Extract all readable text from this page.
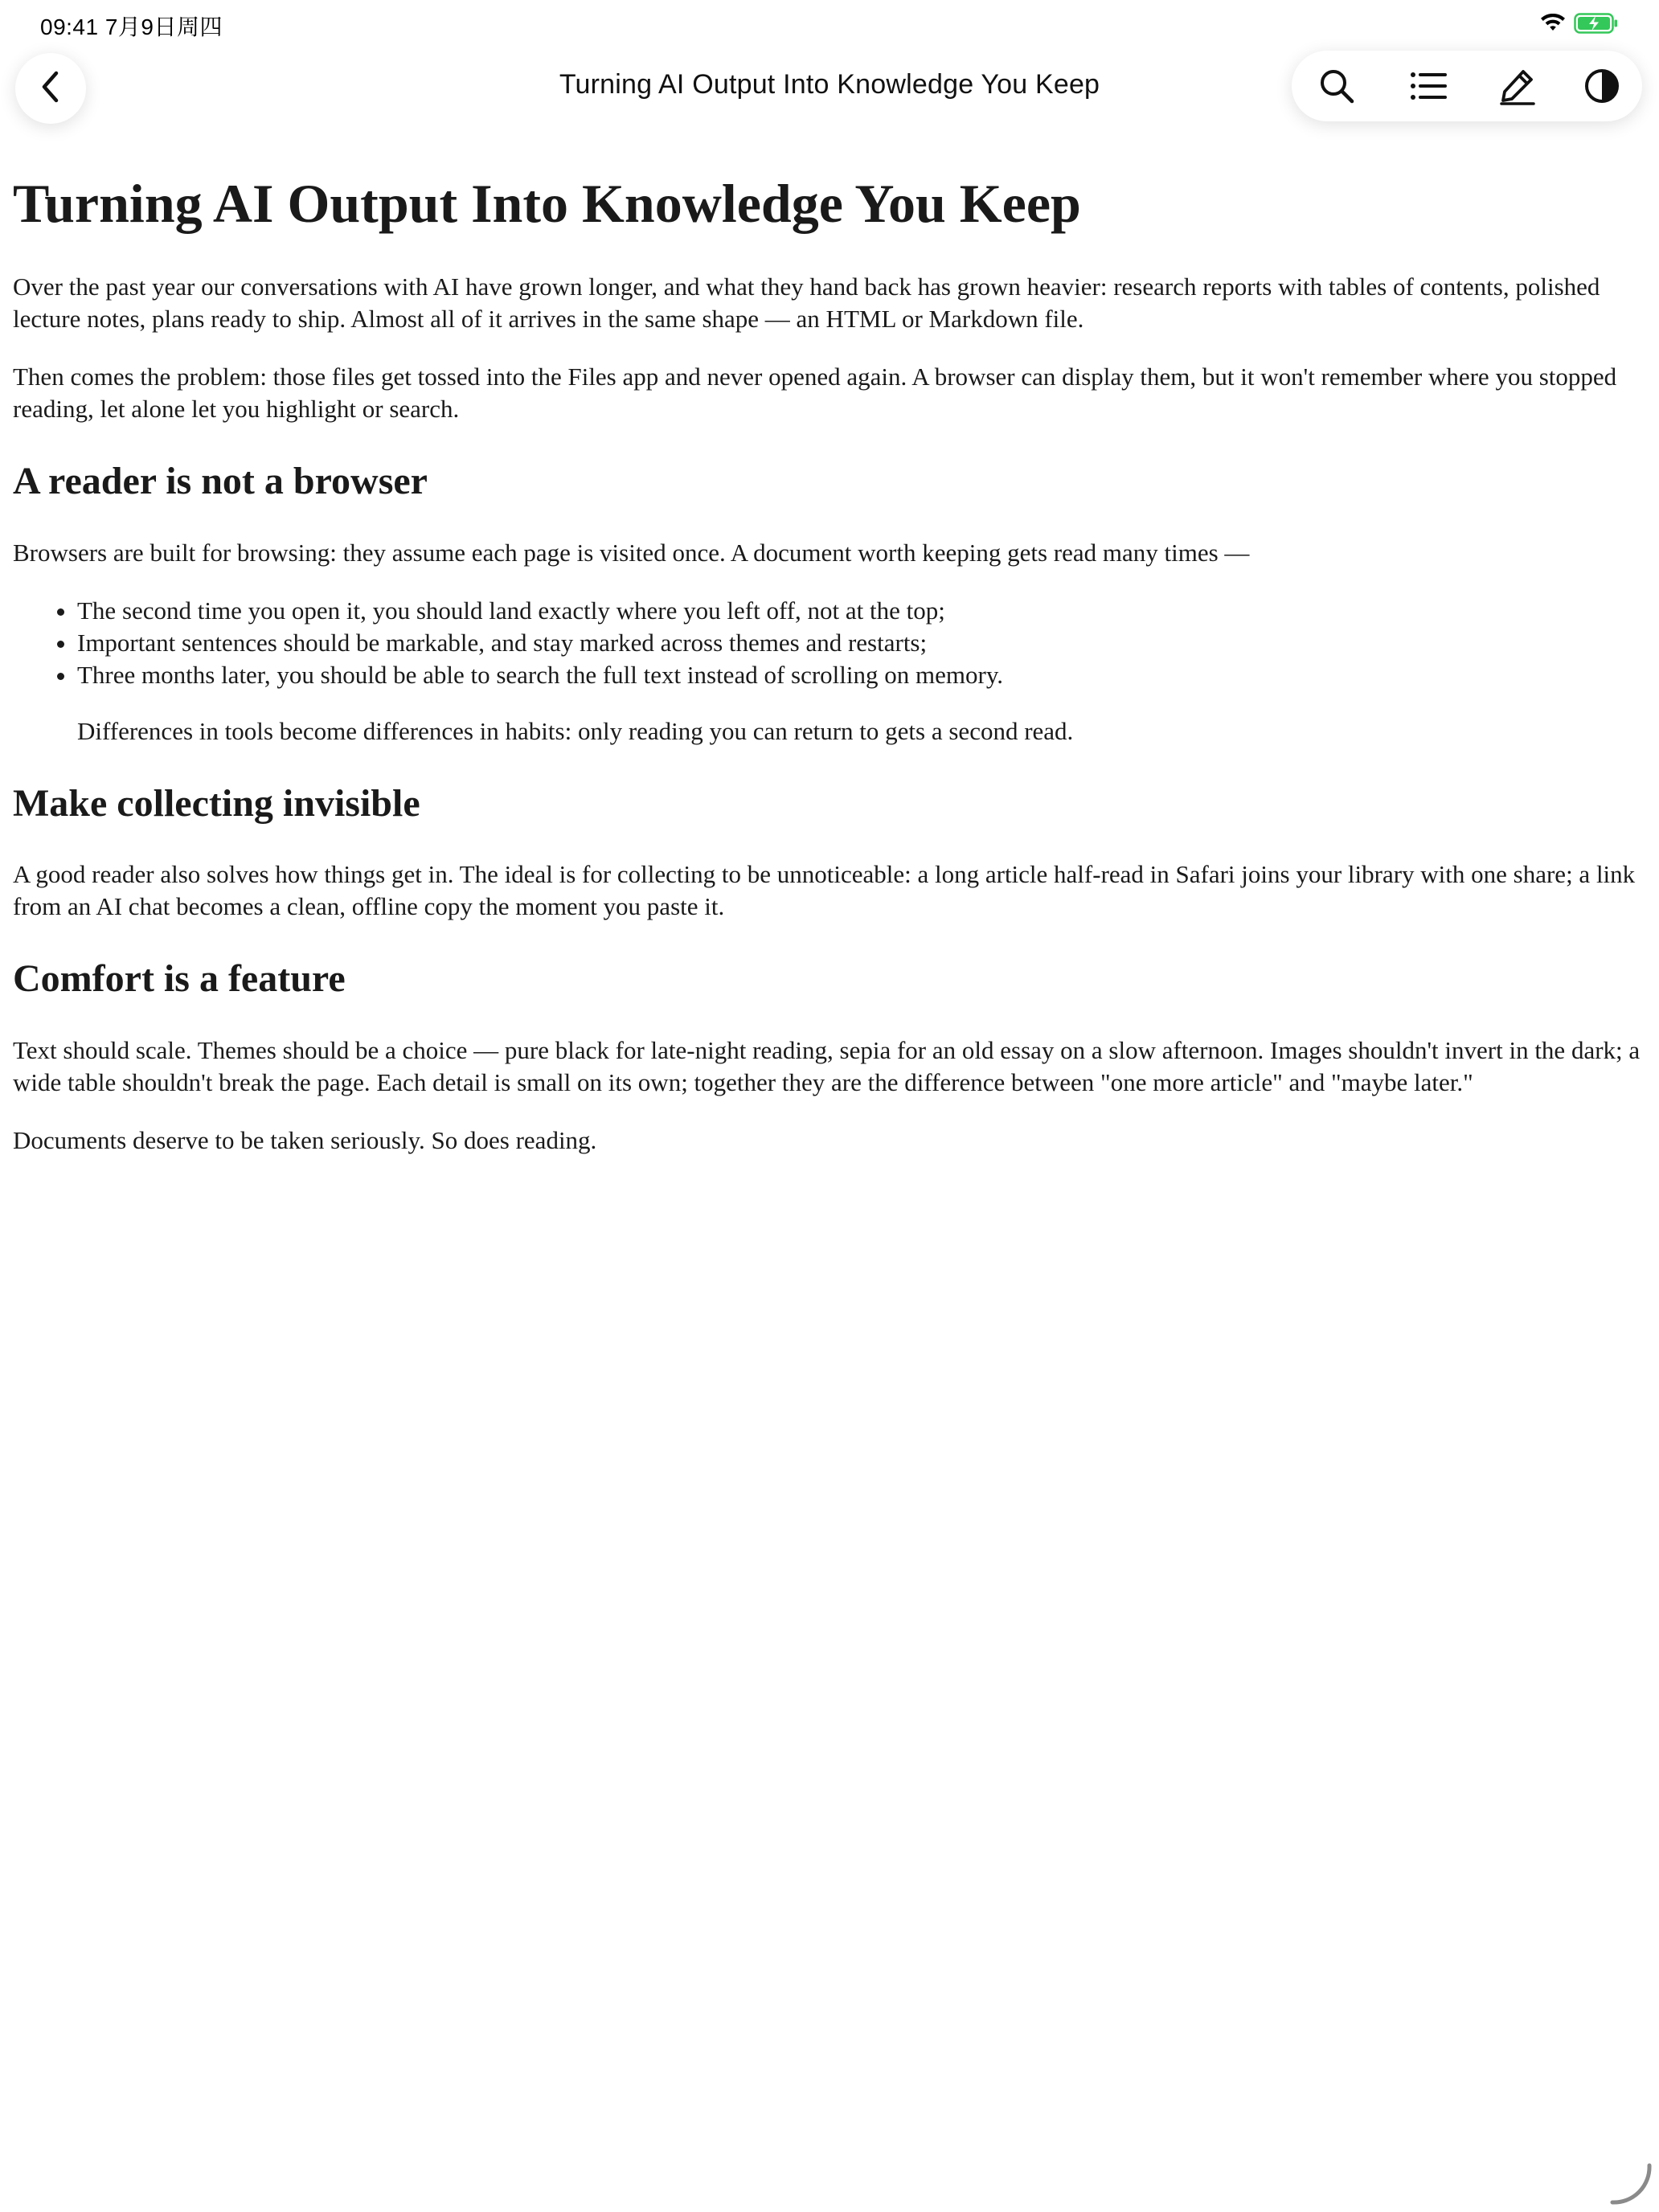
09:41 7月9日周四
Turning AI Output Into Knowledge You Keep
Turning AI Output Into Knowledge You Keep

Over the past year our conversations with AI have grown longer, and what they hand back has grown heavier: research reports with tables of contents, polished lecture notes, plans ready to ship. Almost all of it arrives in the same shape — an HTML or Markdown file.

Then comes the problem: those files get tossed into the Files app and never opened again. A browser can display them, but it won't remember where you stopped reading, let alone let you highlight or search.

A reader is not a browser

Browsers are built for browsing: they assume each page is visited once. A document worth keeping gets read many times —

• The second time you open it, you should land exactly where you left off, not at the top;
• Important sentences should be markable, and stay marked across themes and restarts;
• Three months later, you should be able to search the full text instead of scrolling on memory.
Differences in tools become differences in habits: only reading you can return to gets a second read.
Make collecting invisible

A good reader also solves how things get in. The ideal is for collecting to be unnoticeable: a long article half-read in Safari joins your library with one share; a link from an AI chat becomes a clean, offline copy the moment you paste it.

Comfort is a feature

Text should scale. Themes should be a choice — pure black for late-night reading, sepia for an old essay on a slow afternoon. Images shouldn't invert in the dark; a wide table shouldn't break the page. Each detail is small on its own; together they are the difference between "one more article" and "maybe later."

Documents deserve to be taken seriously. So does reading.
